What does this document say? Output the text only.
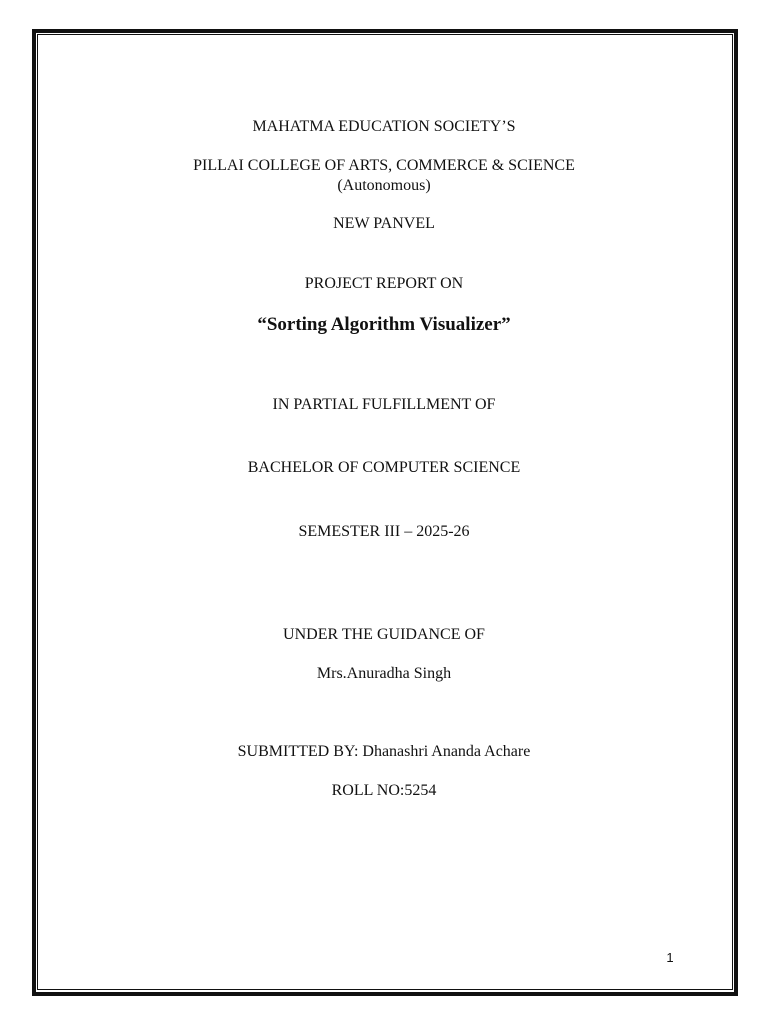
MAHATMA EDUCATION SOCIETY’S
PILLAI COLLEGE OF ARTS, COMMERCE & SCIENCE
(Autonomous)
NEW PANVEL
PROJECT REPORT ON
“Sorting Algorithm Visualizer”
IN PARTIAL FULFILLMENT OF
BACHELOR OF COMPUTER SCIENCE
SEMESTER III – 2025-26
UNDER THE GUIDANCE OF
Mrs.Anuradha Singh
SUBMITTED BY: Dhanashri Ananda Achare
ROLL NO:5254
1
